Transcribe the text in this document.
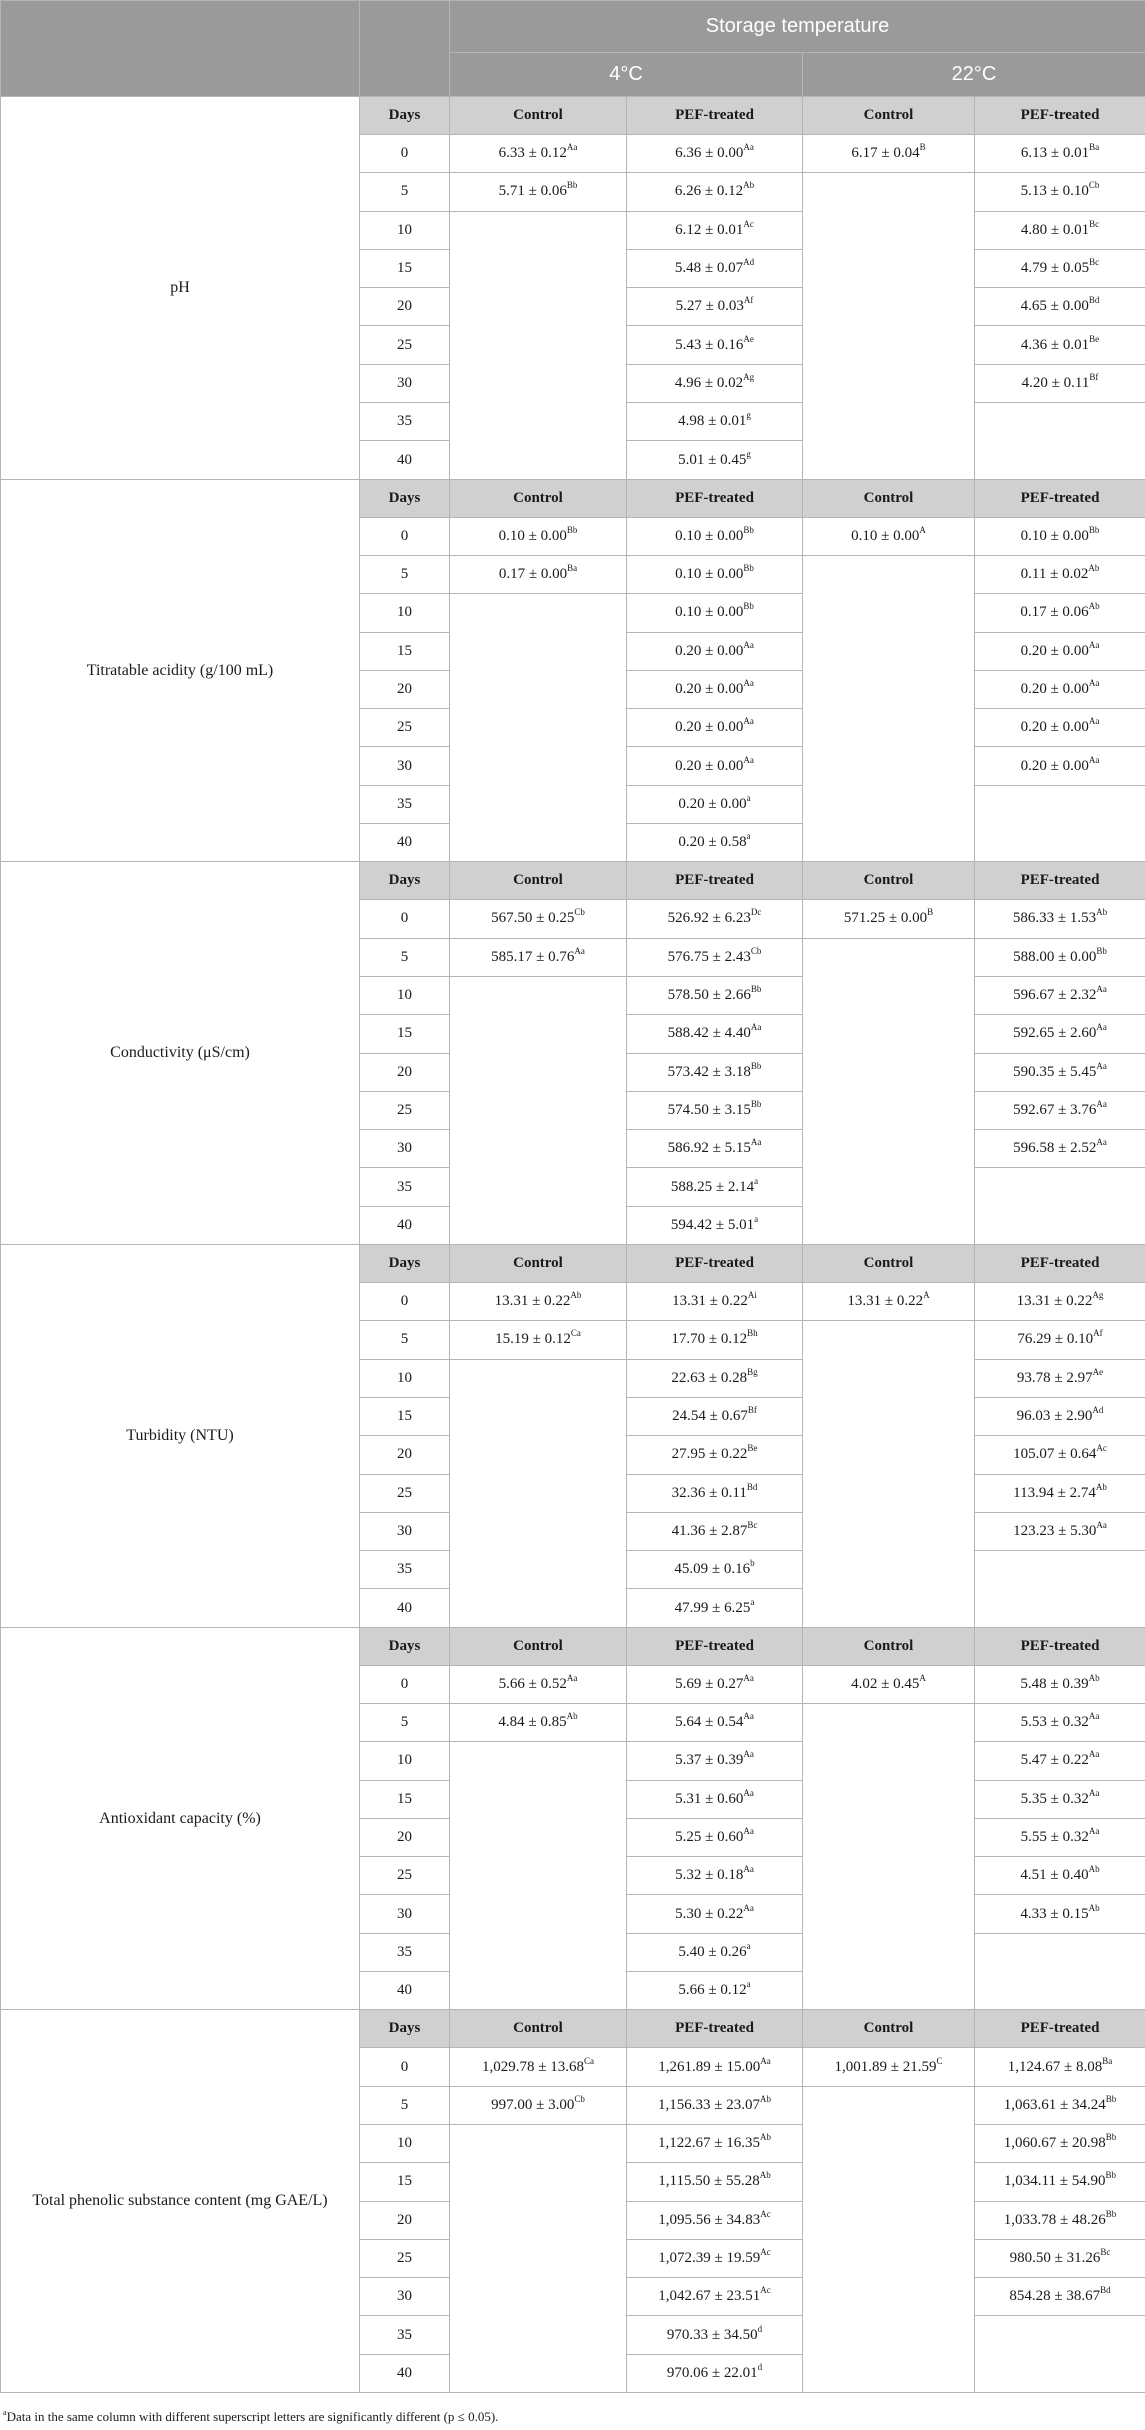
		Storage temperature			
		4°C		22°C	
pH	Days	Control	PEF-treated	Control	PEF-treated
	0	$6.33 \pm 0.12^{Aa}$	$6.36 \pm 0.00^{Aa}$	$6.17 \pm 0.04^B$	$6.13 \pm 0.01^{Ba}$
	5	$5.71 \pm 0.06^{Bb}$	$6.26 \pm 0.12^{Ab}$		$5.13 \pm 0.10^{Cb}$
	10		$6.12 \pm 0.01^{Ac}$		$4.80 \pm 0.01^{Bc}$
	15		$5.48 \pm 0.07^{Ad}$		$4.79 \pm 0.05^{Bc}$
	20		$5.27 \pm 0.03^{Af}$		$4.65 \pm 0.00^{Bd}$
	25		$5.43 \pm 0.16^{Ae}$		$4.36 \pm 0.01^{Be}$
	30		$4.96 \pm 0.02^{Ag}$		$4.20 \pm 0.11^{Bf}$
	35		4.98 ± 0.01$^g$	
	40		5.01 ± 0.45$^g$
Titratable acidity (g/100 mL)	Days	Control	PEF-treated	Control	PEF-treated
	0	$0.10 \pm 0.00^{Bb}$	$0.10 \pm 0.00^{Bb}$	$0.10 \pm 0.00^A$	$0.10 \pm 0.00^{Bb}$
	5	$0.17 \pm 0.00^{Ba}$	$0.10 \pm 0.00^{Bb}$		$0.11 \pm 0.02^{Ab}$
	10		$0.10 \pm 0.00^{Bb}$		$0.17 \pm 0.06^{Ab}$
	15		$0.20 \pm 0.00^{Aa}$		$0.20 \pm 0.00^{Aa}$
	20		$0.20 \pm 0.00^{Aa}$		$0.20 \pm 0.00^{Aa}$
	25		$0.20 \pm 0.00^{Aa}$		$0.20 \pm 0.00^{Aa}$
	30		$0.20 \pm 0.00^{Aa}$		$0.20 \pm 0.00^{Aa}$
	35		0.20 ± 0.00$^a$	
	40		0.20 ± 0.58$^a$
Conductivity (μS/cm)	Days	Control	PEF-treated	Control	PEF-treated
	0	$567.50 \pm 0.25^{Cb}$	$526.92 \pm 6.23^{Dc}$	$571.25 \pm 0.00^B$	$586.33 \pm 1.53^{Ab}$
	5	$585.17 \pm 0.76^{Aa}$	$576.75 \pm 2.43^{Cb}$		$588.00 \pm 0.00^{Bb}$
	10		$578.50 \pm 2.66^{Bb}$		$596.67 \pm 2.32^{Aa}$
	15		$588.42 \pm 4.40^{Aa}$		$592.65 \pm 2.60^{Aa}$
	20		$573.42 \pm 3.18^{Bb}$		$590.35 \pm 5.45^{Aa}$
	25		$574.50 \pm 3.15^{Bb}$		$592.67 \pm 3.76^{Aa}$
	30		$586.92 \pm 5.15^{Aa}$		$596.58 \pm 2.52^{Aa}$
	35		588.25 ± 2.14$^a$	
	40		594.42 ± 5.01$^a$
Turbidity (NTU)	Days	Control	PEF-treated	Control	PEF-treated
	0	$13.31 \pm 0.22^{Ab}$	$13.31 \pm 0.22^{Ai}$	$13.31 \pm 0.22^A$	$13.31 \pm 0.22^{Ag}$
	5	$15.19 \pm 0.12^{Ca}$	$17.70 \pm 0.12^{Bh}$		$76.29 \pm 0.10^{Af}$
	10		$22.63 \pm 0.28^{Bg}$		$93.78 \pm 2.97^{Ae}$
	15		$24.54 \pm 0.67^{Bf}$		$96.03 \pm 2.90^{Ad}$
	20		$27.95 \pm 0.22^{Be}$		$105.07 \pm 0.64^{Ac}$
	25		$32.36 \pm 0.11^{Bd}$		$113.94 \pm 2.74^{Ab}$
	30		$41.36 \pm 2.87^{Bc}$		$123.23 \pm 5.30^{Aa}$
	35		45.09 ± 0.16$^b$	
	40		47.99 ± 6.25$^a$
Antioxidant capacity (%)	Days	Control	PEF-treated	Control	PEF-treated
	0	$5.66 \pm 0.52^{Aa}$	$5.69 \pm 0.27^{Aa}$	$4.02 \pm 0.45^A$	$5.48 \pm 0.39^{Ab}$
	5	$4.84 \pm 0.85^{Ab}$	$5.64 \pm 0.54^{Aa}$		$5.53 \pm 0.32^{Aa}$
	10		$5.37 \pm 0.39^{Aa}$		$5.47 \pm 0.22^{Aa}$
	15		$5.31 \pm 0.60^{Aa}$		$5.35 \pm 0.32^{Aa}$
	20		$5.25 \pm 0.60^{Aa}$		$5.55 \pm 0.32^{Aa}$
	25		$5.32 \pm 0.18^{Aa}$		$4.51 \pm 0.40^{Ab}$
	30		$5.30 \pm 0.22^{Aa}$		$4.33 \pm 0.15^{Ab}$
	35		5.40 ± 0.26$^a$	
	40		5.66 ± 0.12$^a$
Total phenolic substance content (mg GAE/L)	Days	Control	PEF-treated	Control	PEF-treated
	0	$1,029.78 \pm 13.68^{Ca}$	$1,261.89 \pm 15.00^{Aa}$	$1,001.89 \pm 21.59^C$	$1,124.67 \pm 8.08^{Ba}$
	5	$997.00 \pm 3.00^{Cb}$	$1,156.33 \pm 23.07^{Ab}$		$1,063.61 \pm 34.24^{Bb}$
	10		$1,122.67 \pm 16.35^{Ab}$		$1,060.67 \pm 20.98^{Bb}$
	15		$1,115.50 \pm 55.28^{Ab}$		$1,034.11 \pm 54.90^{Bb}$
	20		$1,095.56 \pm 34.83^{Ac}$		$1,033.78 \pm 48.26^{Bb}$
	25		$1,072.39 \pm 19.59^{Ac}$		$980.50 \pm 31.26^{Bc}$
	30		$1,042.67 \pm 23.51^{Ac}$		$854.28 \pm 38.67^{Bd}$
	35		970.33 ± 34.50$^d$	
	40		970.06 ± 22.01$^d$
$^a$Data in the same column with different superscript letters are significantly different (p ≤ 0.05).
